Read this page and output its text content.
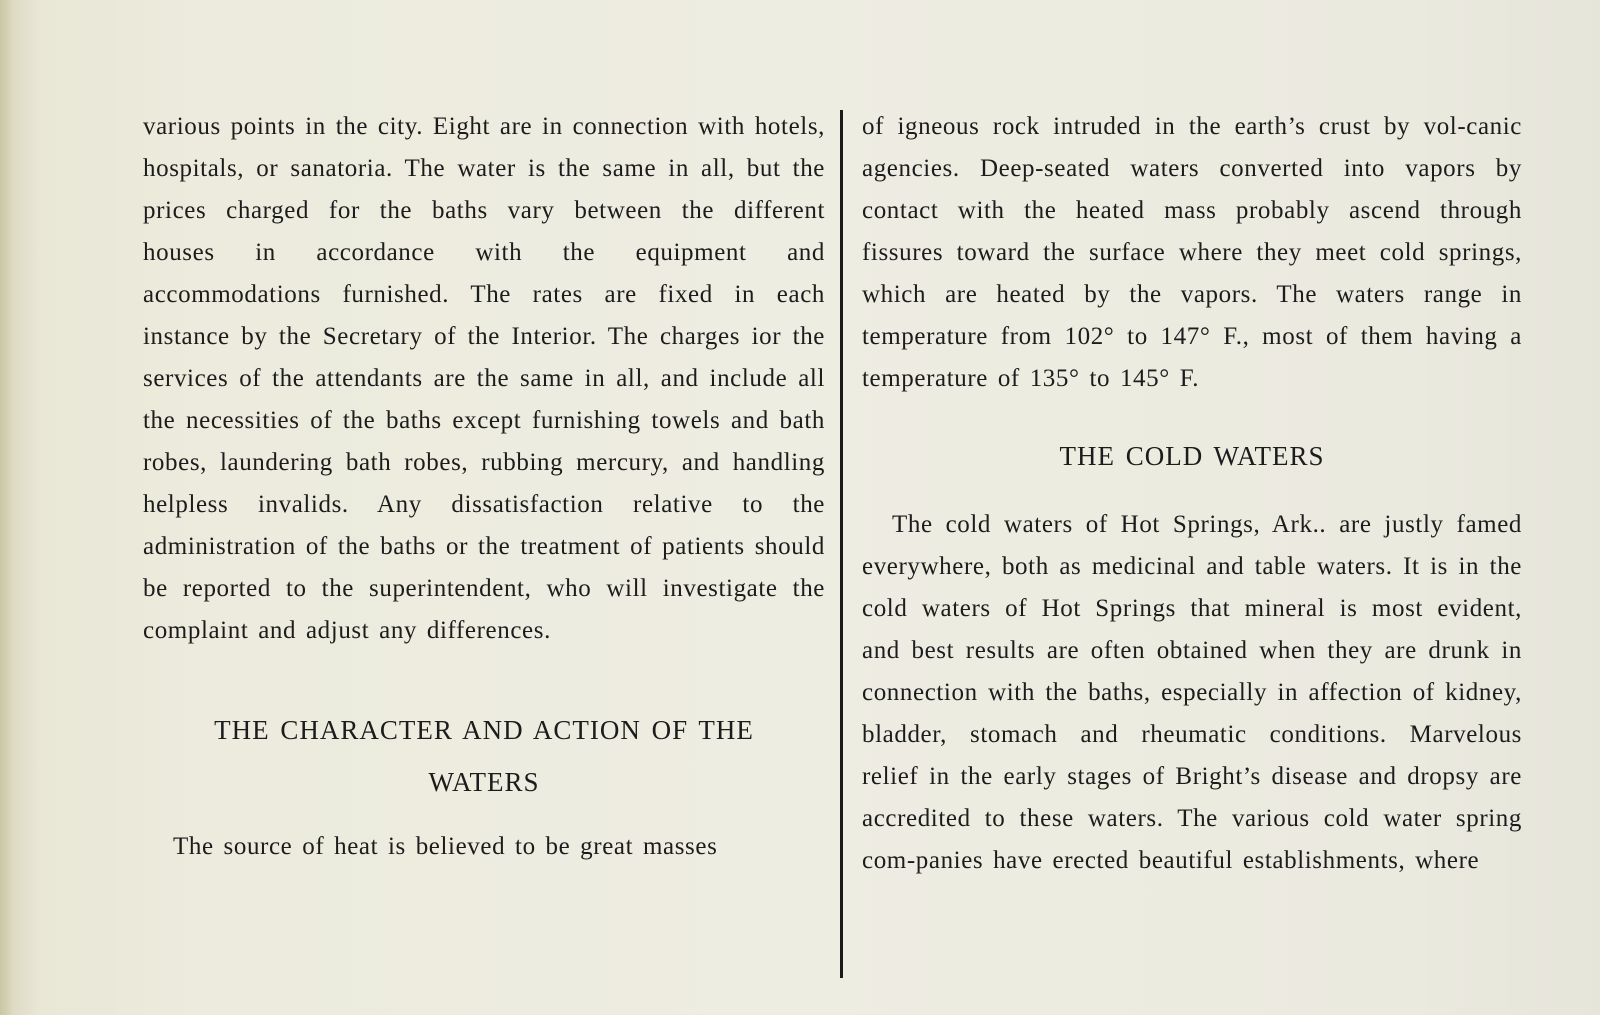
various points in the city. Eight are in connection with hotels, hospitals, or sanatoria. The water is the same in all, but the prices charged for the baths vary between the different houses in accordance with the equipment and accommodations furnished. The rates are fixed in each instance by the Secretary of the Interior. The charges ior the services of the attendants are the same in all, and include all the necessities of the baths except furnishing towels and bath robes, laundering bath robes, rubbing mercury, and handling helpless invalids. Any dissatisfaction relative to the administration of the baths or the treatment of patients should be reported to the superintendent, who will investigate the complaint and adjust any differences.

THE CHARACTER AND ACTION OF THE WATERS

The source of heat is believed to be great masses

of igneous rock intruded in the earth’s crust by vol-canic agencies. Deep-seated waters converted into vapors by contact with the heated mass probably ascend through fissures toward the surface where they meet cold springs, which are heated by the vapors. The waters range in temperature from 102° to 147° F., most of them having a temperature of 135° to 145° F.

THE COLD WATERS

The cold waters of Hot Springs, Ark.. are justly famed everywhere, both as medicinal and table waters. It is in the cold waters of Hot Springs that mineral is most evident, and best results are often obtained when they are drunk in connection with the baths, especially in affection of kidney, bladder, stomach and rheumatic conditions. Marvelous relief in the early stages of Bright’s disease and dropsy are accredited to these waters. The various cold water spring com-panies have erected beautiful establishments, where
